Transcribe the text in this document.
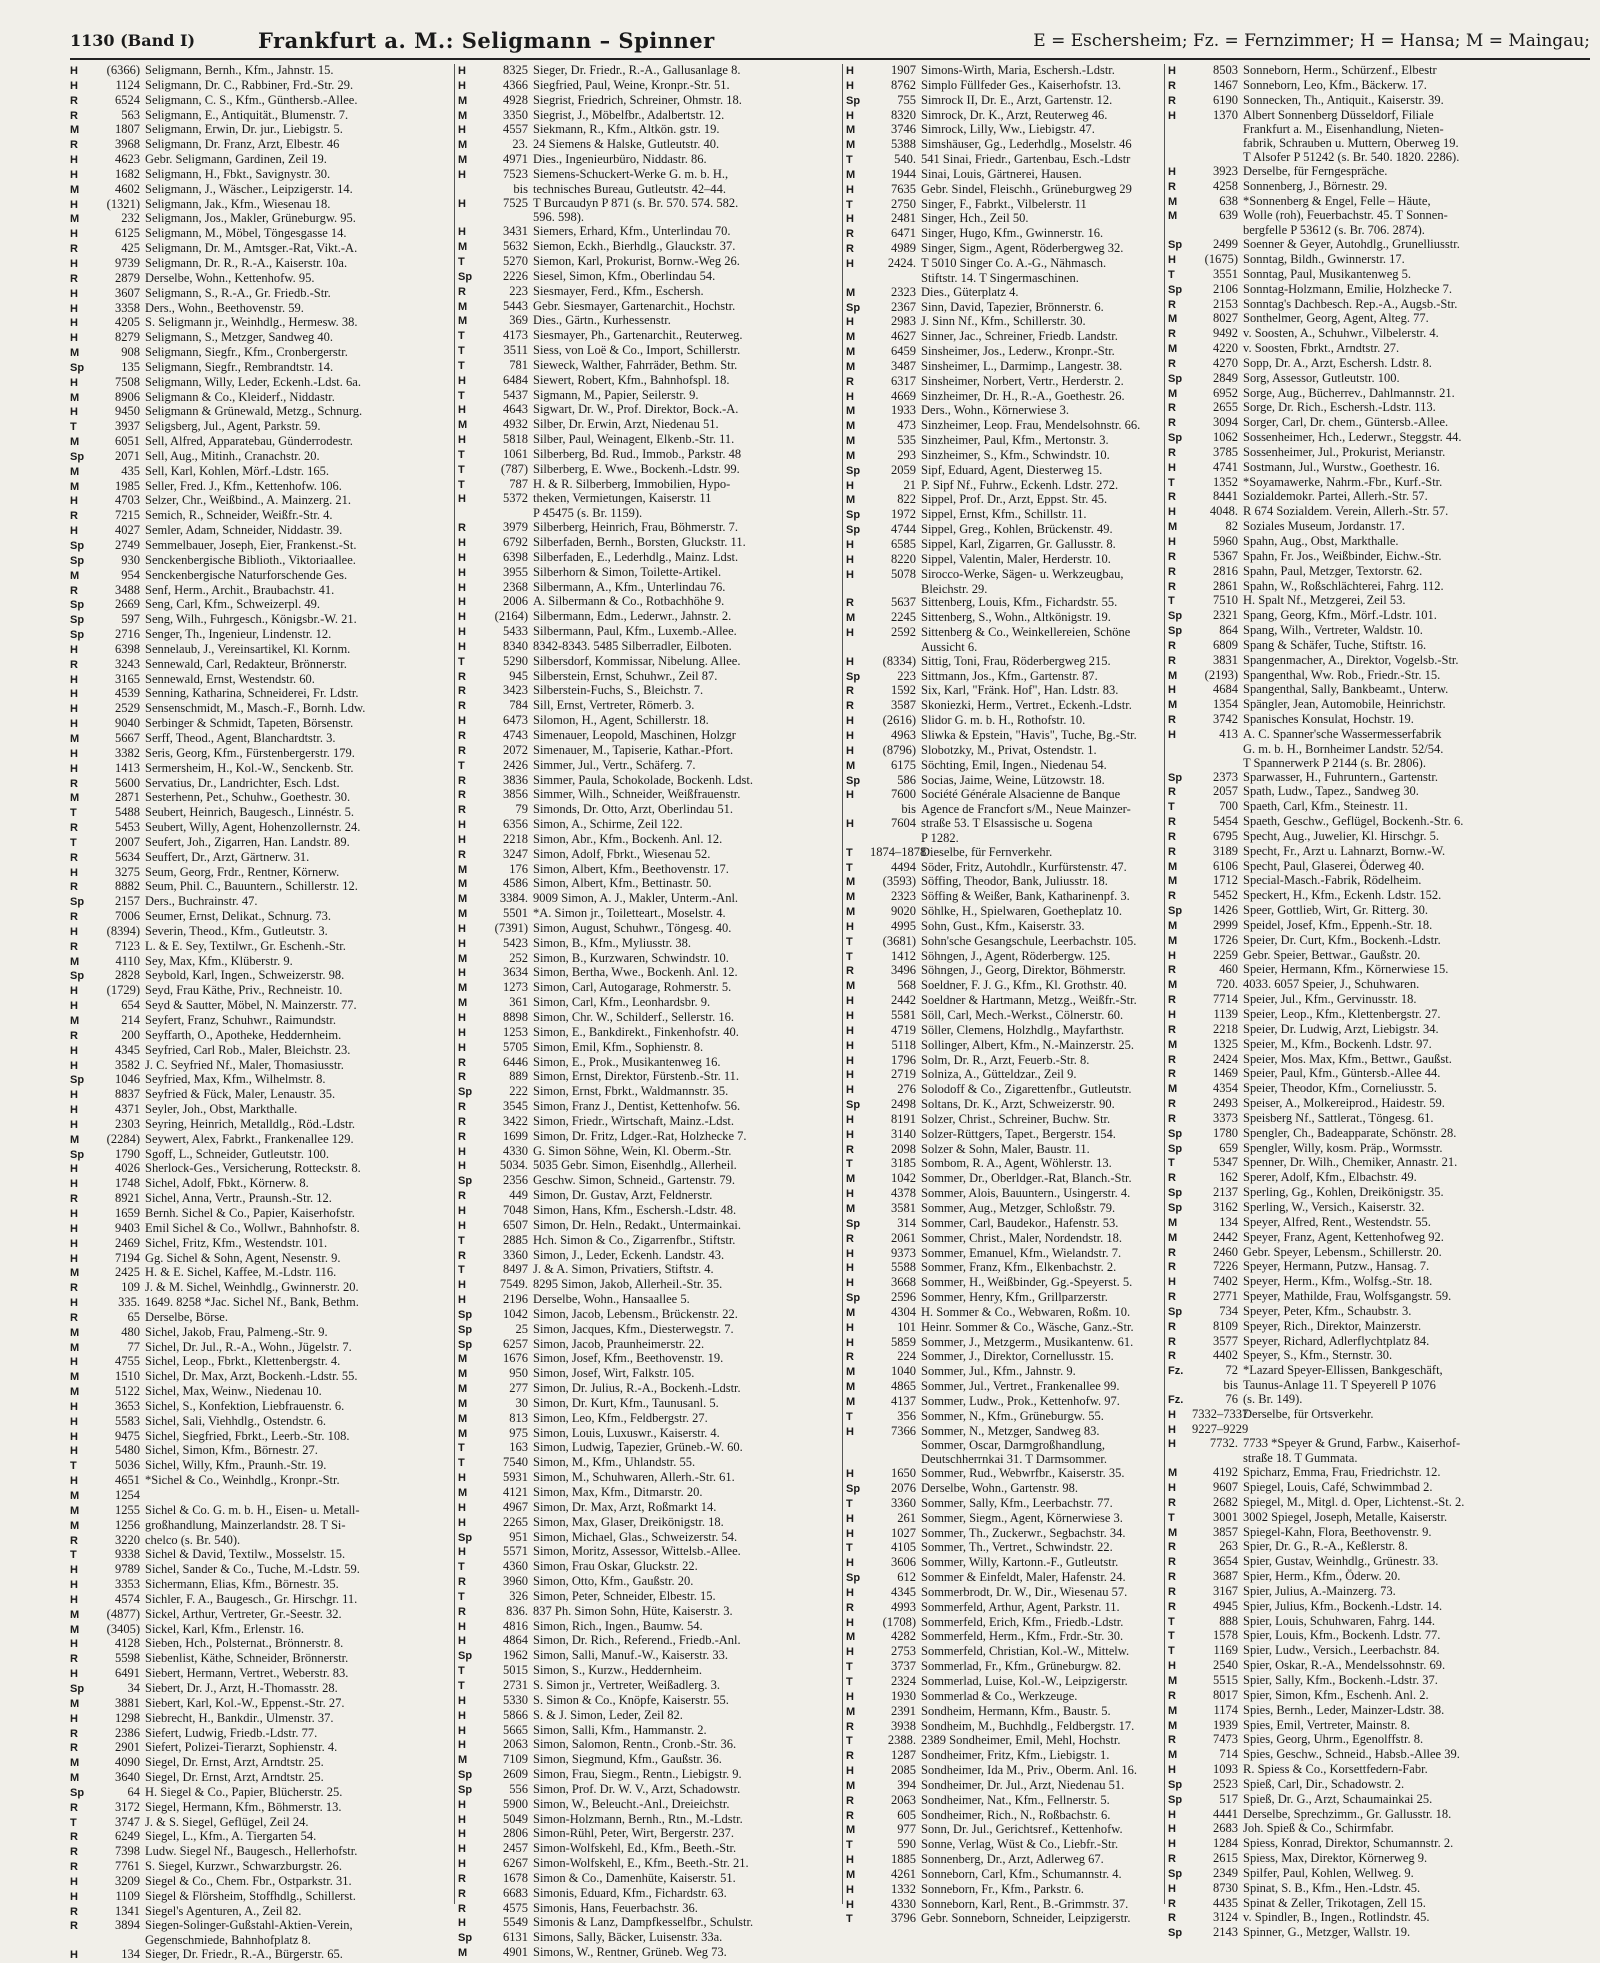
1130 (Band I)	Frankfurt a. M.: Seligmann – Spinner	E = Eschersheim; Fz. = Fernzimmer; H = Hansa; M = Maingau;
H (6366) Seligmann, Bernh., Kfm., Jahnstr. 15.
H	1124 Seligmann, Dr. C., Rabbiner, Frd.-Str. 29.
R	6524 Seligmann, C. S., Kfm., Günthersb.-Allee.
R	563 Seligmann, E., Antiquität., Blumenstr. 7.
M	1807 Seligmann, Erwin, Dr. jur., Liebigstr. 5.
R	3968 Seligmann, Dr. Franz, Arzt, Elbestr. 46
H	4623 Gebr. Seligmann, Gardinen, Zeil 19.
H	1682 Seligmann, H., Fbkt., Savignystr. 30.
M	4602 Seligmann, J., Wäscher., Leipzigerstr. 14.
H (1321) Seligmann, Jak., Kfm., Wiesenau 18.
M	232 Seligmann, Jos., Makler, Grüneburgw. 95.
H	6125 Seligmann, M., Möbel, Töngesgasse 14.
R	425 Seligmann, Dr. M., Amtsger.-Rat, Vikt.-A.
H	9739 Seligmann, Dr. R., R.-A., Kaiserstr. 10a.
R	2879 Derselbe, Wohn., Kettenhofw. 95.
H	3607 Seligmann, S., R.-A., Gr. Friedb.-Str.
H	3358 Ders., Wohn., Beethovenstr. 59.
H	4205 S. Seligmann jr., Weinhdlg., Hermesw. 38.
H	8279 Seligmann, S., Metzger, Sandweg 40.
M	908 Seligmann, Siegfr., Kfm., Cronbergerstr.
Sp	135 Seligmann, Siegfr., Rembrandtstr. 14.
H	7508 Seligmann, Willy, Leder, Eckenh.-Ldst. 6a.
M	8906 Seligmann & Co., Kleiderf., Niddastr.
H	9450 Seligmann & Grünewald, Metzg., Schnurg.
T	3937 Seligsberg, Jul., Agent, Parkstr. 59.
M	6051 Sell, Alfred, Apparatebau, Günderrodestr.
Sp 2071 Sell, Aug., Mitinh., Cranachstr. 20.
M	435 Sell, Karl, Kohlen, Mörf.-Ldstr. 165.
M	1985 Seller, Fred. J., Kfm., Kettenhofw. 106.
H	4703 Selzer, Chr., Weißbind., A. Mainzerg. 21.
R	7215 Semich, R., Schneider, Weißfr.-Str. 4.
H	4027 Semler, Adam, Schneider, Niddastr. 39.
Sp 2749 Semmelbauer, Joseph, Eier, Frankenst.-St.
Sp	930 Senckenbergische Biblioth., Viktoriaallee.
M	954 Senckenbergische Naturforschende Ges.
R	3488 Senf, Herm., Archit., Braubachstr. 41.
Sp 2669 Seng, Carl, Kfm., Schweizerpl. 49.
Sp	597 Seng, Wilh., Fuhrgesch., Königsbr.-W. 21.
Sp 2716 Senger, Th., Ingenieur, Lindenstr. 12.
H	6398 Sennelaub, J., Vereinsartikel, Kl. Kornm.
R	3243 Sennewald, Carl, Redakteur, Brönnerstr.
H	3165 Sennewald, Ernst, Westendstr. 60.
H	4539 Senning, Katharina, Schneiderei, Fr. Ldstr.
H	2529 Sensenschmidt, M., Masch.-F., Bornh. Ldw.
H	9040 Serbinger & Schmidt, Tapeten, Börsenstr.
M	5667 Serff, Theod., Agent, Blanchardtstr. 3.
H	3382 Seris, Georg, Kfm., Fürstenbergerstr. 179.
H	1413 Sermersheim, H., Kol.-W., Senckenb. Str.
R	5600 Servatius, Dr., Landrichter, Esch. Ldst.
M	2871 Sesterhenn, Pet., Schuhw., Goethestr. 30.
T	5488 Seubert, Heinrich, Baugesch., Linnéstr. 5.
R	5453 Seubert, Willy, Agent, Hohenzollernstr. 24.
T	2007 Seufert, Joh., Zigarren, Han. Landstr. 89.
R	5634 Seuffert, Dr., Arzt, Gärtnerw. 31.
H	3275 Seum, Georg, Frdr., Rentner, Körnerw.
R	8882 Seum, Phil. C., Bauuntern., Schillerstr. 12.
Sp 2157 Ders., Buchrainstr. 47.
R	7006 Seumer, Ernst, Delikat., Schnurg. 73.
H (8394) Severin, Theod., Kfm., Gutleutstr. 3.
R	7123 L. & E. Sey, Textilwr., Gr. Eschenh.-Str.
M	4110 Sey, Max, Kfm., Klüberstr. 9.
Sp 2828 Seybold, Karl, Ingen., Schweizerstr. 98.
H (1729) Seyd, Frau Käthe, Priv., Rechneistr. 10.
H	654 Seyd & Sautter, Möbel, N. Mainzerstr. 77.
M	214 Seyfert, Franz, Schuhwr., Raimundstr.
R	200 Seyffarth, O., Apotheke, Heddernheim.
H	4345 Seyfried, Carl Rob., Maler, Bleichstr. 23.
H	3582 J. C. Seyfried Nf., Maler, Thomasiusstr.
Sp 1046 Seyfried, Max, Kfm., Wilhelmstr. 8.
H	8837 Seyfried & Fück, Maler, Lenaustr. 35.
H	4371 Seyler, Joh., Obst, Markthalle.
H	2303 Seyring, Heinrich, Metalldlg., Röd.-Ldstr.
M (2284) Seywert, Alex, Fabrkt., Frankenallee 129.
Sp 1790 Sgoff, L., Schneider, Gutleutstr. 100.
H	4026 Sherlock-Ges., Versicherung, Rotteckstr. 8.
H	1748 Sichel, Adolf, Fbkt., Körnerw. 8.
R	8921 Sichel, Anna, Vertr., Praunsh.-Str. 12.
H	1659 Bernh. Sichel & Co., Papier, Kaiserhofstr.
H	9403 Emil Sichel & Co., Wollwr., Bahnhofstr. 8.
H	2469 Sichel, Fritz, Kfm., Westendstr. 101.
H	7194 Gg. Sichel & Sohn, Agent, Nesenstr. 9.
M	2425 H. & E. Sichel, Kaffee, M.-Ldstr. 116.
R	109 J. & M. Sichel, Weinhdlg., Gwinnerstr. 20.
H	335. 1649. 8258 *Jac. Sichel Nf., Bank, Bethm.
R	65 Derselbe, Börse.
M	480 Sichel, Jakob, Frau, Palmeng.-Str. 9.
M	77 Sichel, Dr. Jul., R.-A., Wohn., Jügelstr. 7.
H	4755 Sichel, Leop., Fbrkt., Klettenbergstr. 4.
M	1510 Sichel, Dr. Max, Arzt, Bockenh.-Ldstr. 55.
M	5122 Sichel, Max, Weinw., Niedenau 10.
H	3653 Sichel, S., Konfektion, Liebfrauenstr. 6.
H	5583 Sichel, Sali, Viehhdlg., Ostendstr. 6.
H	9475 Sichel, Siegfried, Fbrkt., Leerb.-Str. 108.
H	5480 Sichel, Simon, Kfm., Börnestr. 27.
T	5036 Sichel, Willy, Kfm., Praunh.-Str. 19.
H	4651 *Sichel & Co., Weinhdlg., Kronpr.-Str.
M	1254
M	1255 Sichel & Co. G. m. b. H., Eisen- u. Metall-
M	1256 großhandlung, Mainzerlandstr. 28. T Si-
R	3220 chelco (s. Br. 540).
T	9338 Sichel & David, Textilw., Mosselstr. 15.
H	9789 Sichel, Sander & Co., Tuche, M.-Ldstr. 59.
H	3353 Sichermann, Elias, Kfm., Börnestr. 35.
H	4574 Sichler, F. A., Baugesch., Gr. Hirschgr. 11.
M (4877) Sickel, Arthur, Vertreter, Gr.-Seestr. 32.
M (3405) Sickel, Karl, Kfm., Erlenstr. 16.
H	4128 Sieben, Hch., Polsternat., Brönnerstr. 8.
R	5598 Siebenlist, Käthe, Schneider, Brönnerstr.
H	6491 Siebert, Hermann, Vertret., Weberstr. 83.
Sp	34 Siebert, Dr. J., Arzt, H.-Thomasstr. 28.
M	3881 Siebert, Karl, Kol.-W., Eppenst.-Str. 27.
H	1298 Siebrecht, H., Bankdir., Ulmenstr. 37.
R	2386 Siefert, Ludwig, Friedb.-Ldstr. 77.
R	2901 Siefert, Polizei-Tierarzt, Sophienstr. 4.
M	4090 Siegel, Dr. Ernst, Arzt, Arndtstr. 25.
M	3640 Siegel, Dr. Ernst, Arzt, Arndtstr. 25.
Sp	64 H. Siegel & Co., Papier, Blücherstr. 25.
R	3172 Siegel, Hermann, Kfm., Böhmerstr. 13.
T	3747 J. & S. Siegel, Geflügel, Zeil 24.
R	6249 Siegel, L., Kfm., A. Tiergarten 54.
R	7398 Ludw. Siegel Nf., Baugesch., Hellerhofstr.
R	7761 S. Siegel, Kurzwr., Schwarzburgstr. 26.
H	3209 Siegel & Co., Chem. Fbr., Ostparkstr. 31.
H	1109 Siegel & Flörsheim, Stoffhdlg., Schillerst.
R	1341 Siegel's Agenturen, A., Zeil 82.
R	3894 Siegen-Solinger-Gußstahl-Aktien-Verein,
Gegenschmiede, Bahnhofplatz 8.
H	134 Sieger, Dr. Friedr., R.-A., Bürgerstr. 65.
H	8325 Sieger, Dr. Friedr., R.-A., Gallusanlage 8.
H	4366 Siegfried, Paul, Weine, Kronpr.-Str. 51.
M	4928 Siegrist, Friedrich, Schreiner, Ohmstr. 18.
M	3350 Siegrist, J., Möbelfbr., Adalbertstr. 12.
H	4557 Siekmann, R., Kfm., Altkön. gstr. 19.
M	23. 24 Siemens & Halske, Gutleutstr. 40.
M	4971 Dies., Ingenieurbüro, Niddastr. 86.
H	7523 Siemens-Schuckert-Werke G. m. b. H.,
bis technisches Bureau, Gutleutstr. 42–44.
H	7525 T Burcaudyn P 871 (s. Br. 570. 574. 582.
596. 598).
H	3431 Siemers, Erhard, Kfm., Unterlindau 70.
M	5632 Siemon, Eckh., Bierhdlg., Glauckstr. 37.
T	5270 Siemon, Karl, Prokurist, Bornw.-Weg 26.
Sp 2226 Siesel, Simon, Kfm., Oberlindau 54.
R	223 Siesmayer, Ferd., Kfm., Eschersh.
M	5443 Gebr. Siesmayer, Gartenarchit., Hochstr.
M	369 Dies., Gärtn., Kurhessenstr.
T	4173 Siesmayer, Ph., Gartenarchit., Reuterweg.
T	3511 Siess, von Loë & Co., Import, Schillerstr.
T	781 Sieweck, Walther, Fahrräder, Bethm. Str.
H	6484 Siewert, Robert, Kfm., Bahnhofspl. 18.
T	5437 Sigmann, M., Papier, Seilerstr. 9.
H	4643 Sigwart, Dr. W., Prof. Direktor, Bock.-A.
M	4932 Silber, Dr. Erwin, Arzt, Niedenau 51.
H	5818 Silber, Paul, Weinagent, Elkenb.-Str. 11.
T	1061 Silberberg, Bd. Rud., Immob., Parkstr. 48
T	(787) Silberberg, E. Wwe., Bockenh.-Ldstr. 99.
T	787 H. & R. Silberberg, Immobilien, Hypo-
H	5372 theken, Vermietungen, Kaiserstr. 11
P 45475 (s. Br. 1159).
R	3979 Silberberg, Heinrich, Frau, Böhmerstr. 7.
H	6792 Silberfaden, Bernh., Borsten, Gluckstr. 11.
H	6398 Silberfaden, E., Lederhdlg., Mainz. Ldst.
H	3955 Silberhorn & Simon, Toilette-Artikel.
H	2368 Silbermann, A., Kfm., Unterlindau 76.
H	2006 A. Silbermann & Co., Rotbachhöhe 9.
H (2164) Silbermann, Edm., Lederwr., Jahnstr. 2.
H	5433 Silbermann, Paul, Kfm., Luxemb.-Allee.
H	8340 8342-8343. 5485 Silberradler, Eilboten.
T	5290 Silbersdorf, Kommissar, Nibelung. Allee.
R	945 Silberstein, Ernst, Schuhwr., Zeil 87.
R	3423 Silberstein-Fuchs, S., Bleichstr. 7.
R	784 Sill, Ernst, Vertreter, Römerb. 3.
H	6473 Silomon, H., Agent, Schillerstr. 18.
R	4743 Simenauer, Leopold, Maschinen, Holzgr
R	2072 Simenauer, M., Tapiserie, Kathar.-Pfort.
T	2426 Simmer, Jul., Vertr., Schäferg. 7.
R	3836 Simmer, Paula, Schokolade, Bockenh. Ldst.
R	3856 Simmer, Wilh., Schneider, Weißfrauenstr.
R	79 Simonds, Dr. Otto, Arzt, Oberlindau 51.
H	6356 Simon, A., Schirme, Zeil 122.
H	2218 Simon, Abr., Kfm., Bockenh. Anl. 12.
R	3247 Simon, Adolf, Fbrkt., Wiesenau 52.
M	176 Simon, Albert, Kfm., Beethovenstr. 17.
M	4586 Simon, Albert, Kfm., Bettinastr. 50.
M	3384. 9009 Simon, A. J., Makler, Unterm.-Anl.
M	5501 *A. Simon jr., Toiletteart., Moselstr. 4.
H (7391) Simon, August, Schuhwr., Töngesg. 40.
H	5423 Simon, B., Kfm., Myliusstr. 38.
M	252 Simon, B., Kurzwaren, Schwindstr. 10.
H	3634 Simon, Bertha, Wwe., Bockenh. Anl. 12.
M	1273 Simon, Carl, Autogarage, Rohmerstr. 5.
M	361 Simon, Carl, Kfm., Leonhardsbr. 9.
H	8898 Simon, Chr. W., Schilderf., Sellerstr. 16.
H	1253 Simon, E., Bankdirekt., Finkenhofstr. 40.
H	5705 Simon, Emil, Kfm., Sophienstr. 8.
R	6446 Simon, E., Prok., Musikantenweg 16.
R	889 Simon, Ernst, Direktor, Fürstenb.-Str. 11.
Sp	222 Simon, Ernst, Fbrkt., Waldmannstr. 35.
R	3545 Simon, Franz J., Dentist, Kettenhofw. 56.
R	3422 Simon, Friedr., Wirtschaft, Mainz.-Ldst.
R	1699 Simon, Dr. Fritz, Ldger.-Rat, Holzhecke 7.
H	4330 G. Simon Söhne, Wein, Kl. Oberm.-Str.
H	5034. 5035 Gebr. Simon, Eisenhdlg., Allerheil.
Sp 2356 Geschw. Simon, Schneid., Gartenstr. 79.
R	449 Simon, Dr. Gustav, Arzt, Feldnerstr.
H	7048 Simon, Hans, Kfm., Eschersh.-Ldstr. 48.
H	6507 Simon, Dr. Heln., Redakt., Untermainkai.
T	2885 Hch. Simon & Co., Zigarrenfbr., Stiftstr.
R	3360 Simon, J., Leder, Eckenh. Landstr. 43.
T	8497 J. & A. Simon, Privatiers, Stiftstr. 4.
H	7549. 8295 Simon, Jakob, Allerheil.-Str. 35.
H	2196 Derselbe, Wohn., Hansaallee 5.
Sp 1042 Simon, Jacob, Lebensm., Brückenstr. 22.
Sp	25 Simon, Jacques, Kfm., Diesterwegstr. 7.
Sp 6257 Simon, Jacob, Praunheimerstr. 22.
M	1676 Simon, Josef, Kfm., Beethovenstr. 19.
M	950 Simon, Josef, Wirt, Falkstr. 105.
M	277 Simon, Dr. Julius, R.-A., Bockenh.-Ldstr.
M	30 Simon, Dr. Kurt, Kfm., Taunusanl. 5.
M	813 Simon, Leo, Kfm., Feldbergstr. 27.
M	975 Simon, Louis, Luxuswr., Kaiserstr. 4.
T	163 Simon, Ludwig, Tapezier, Grüneb.-W. 60.
T	7540 Simon, M., Kfm., Uhlandstr. 55.
H	5931 Simon, M., Schuhwaren, Allerh.-Str. 61.
M	4121 Simon, Max, Kfm., Ditmarstr. 20.
H	4967 Simon, Dr. Max, Arzt, Roßmarkt 14.
H	2265 Simon, Max, Glaser, Dreikönigstr. 18.
Sp	951 Simon, Michael, Glas., Schweizerstr. 54.
H	5571 Simon, Moritz, Assessor, Wittelsb.-Allee.
T	4360 Simon, Frau Oskar, Gluckstr. 22.
R	3960 Simon, Otto, Kfm., Gaußstr. 20.
T	326 Simon, Peter, Schneider, Elbestr. 15.
R	836. 837 Ph. Simon Sohn, Hüte, Kaiserstr. 3.
H	4816 Simon, Rich., Ingen., Baumw. 54.
H	4864 Simon, Dr. Rich., Referend., Friedb.-Anl.
Sp 1962 Simon, Salli, Manuf.-W., Kaiserstr. 33.
T	5015 Simon, S., Kurzw., Heddernheim.
T	2731 S. Simon jr., Vertreter, Weißadlerg. 3.
H	5330 S. Simon & Co., Knöpfe, Kaiserstr. 55.
H	5866 S. & J. Simon, Leder, Zeil 82.
H	5665 Simon, Salli, Kfm., Hammanstr. 2.
H	2063 Simon, Salomon, Rentn., Cronb.-Str. 36.
M	7109 Simon, Siegmund, Kfm., Gaußstr. 36.
Sp 2609 Simon, Frau, Siegm., Rentn., Liebigstr. 9.
Sp	556 Simon, Prof. Dr. W. V., Arzt, Schadowstr.
H	5900 Simon, W., Beleucht.-Anl., Dreieichstr.
H	5049 Simon-Holzmann, Bernh., Rtn., M.-Ldstr.
H	2806 Simon-Rühl, Peter, Wirt, Bergerstr. 237.
H	2457 Simon-Wolfskehl, Ed., Kfm., Beeth.-Str.
H	6267 Simon-Wolfskehl, E., Kfm., Beeth.-Str. 21.
R	1678 Simon & Co., Damenhüte, Kaiserstr. 51.
R	6683 Simonis, Eduard, Kfm., Fichardstr. 63.
R	4575 Simonis, Hans, Feuerbachstr. 36.
H	5549 Simonis & Lanz, Dampfkesselfbr., Schulstr.
Sp 6131 Simons, Sally, Bäcker, Luisenstr. 33a.
M	4901 Simons, W., Rentner, Grüneb. Weg 73.
H	1907 Simons-Wirth, Maria, Eschersh.-Ldstr.
H	8762 Simplo Füllfeder Ges., Kaiserhofstr. 13.
Sp	755 Simrock II, Dr. E., Arzt, Gartenstr. 12.
H	8320 Simrock, Dr. K., Arzt, Reuterweg 46.
M	3746 Simrock, Lilly, Ww., Liebigstr. 47.
M	5388 Simshäuser, Gg., Lederhdlg., Moselstr. 46
T	540. 541 Sinai, Friedr., Gartenbau, Esch.-Ldstr
M	1944 Sinai, Louis, Gärtnerei, Hausen.
H	7635 Gebr. Sindel, Fleischh., Grüneburgweg 29
T	2750 Singer, F., Fabrkt., Vilbelerstr. 11
H	2481 Singer, Hch., Zeil 50.
R	6471 Singer, Hugo, Kfm., Gwinnerstr. 16.
R	4989 Singer, Sigm., Agent, Röderbergweg 32.
H	2424. T 5010 Singer Co. A.-G., Nähmasch.
Stiftstr. 14. T Singermaschinen.
M	2323 Dies., Güterplatz 4.
Sp 2367 Sinn, David, Tapezier, Brönnerstr. 6.
H	2983 J. Sinn Nf., Kfm., Schillerstr. 30.
M	4627 Sinner, Jac., Schreiner, Friedb. Landstr.
M	6459 Sinsheimer, Jos., Lederw., Kronpr.-Str.
M	3487 Sinsheimer, L., Darmimp., Langestr. 38.
R	6317 Sinsheimer, Norbert, Vertr., Herderstr. 2.
H	4669 Sinzheimer, Dr. H., R.-A., Goethestr. 26.
M	1933 Ders., Wohn., Körnerwiese 3.
M	473 Sinzheimer, Leop. Frau, Mendelsohnstr. 66.
M	535 Sinzheimer, Paul, Kfm., Mertonstr. 3.
M	293 Sinzheimer, S., Kfm., Schwindstr. 10.
Sp 2059 Sipf, Eduard, Agent, Diesterweg 15.
H	21 P. Sipf Nf., Fuhrw., Eckenh. Ldstr. 272.
M	822 Sippel, Prof. Dr., Arzt, Eppst. Str. 45.
Sp 1972 Sippel, Ernst, Kfm., Schillstr. 11.
Sp 4744 Sippel, Greg., Kohlen, Brückenstr. 49.
H	6585 Sippel, Karl, Zigarren, Gr. Gallusstr. 8.
H	8220 Sippel, Valentin, Maler, Herderstr. 10.
H	5078 Sirocco-Werke, Sägen- u. Werkzeugbau,
Bleichstr. 29.
R	5637 Sittenberg, Louis, Kfm., Fichardstr. 55.
M	2245 Sittenberg, S., Wohn., Altkönigstr. 19.
H	2592 Sittenberg & Co., Weinkellereien, Schöne
Aussicht 6.
H (8334) Sittig, Toni, Frau, Röderbergweg 215.
Sp	223 Sittmann, Jos., Kfm., Gartenstr. 87.
R	1592 Six, Karl, "Fränk. Hof", Han. Ldstr. 83.
R	3587 Skoniezki, Herm., Vertret., Eckenh.-Ldstr.
H (2616) Slidor G. m. b. H., Rothofstr. 10.
H	4963 Sliwka & Epstein, "Havis", Tuche, Bg.-Str.
H (8796) Slobotzky, M., Privat, Ostendstr. 1.
M	6175 Söchting, Emil, Ingen., Niedenau 54.
Sp	586 Socias, Jaime, Weine, Lützowstr. 18.
H	7600 Société Générale Alsacienne de Banque
bis Agence de Francfort s/M., Neue Mainzer-
H	7604 straße 53. T Elsassische u. Sogena
P 1282.
T 1874–1878Dieselbe, für Fernverkehr.
T	4494 Söder, Fritz, Autohdlr., Kurfürstenstr. 47.
M (3593) Söffing, Theodor, Bank, Juliusstr. 18.
M	2323 Söffing & Weißer, Bank, Katharinenpf. 3.
M	9020 Söhlke, H., Spielwaren, Goetheplatz 10.
H	4995 Sohn, Gust., Kfm., Kaiserstr. 33.
T (3681) Sohn'sche Gesangschule, Leerbachstr. 105.
T	1412 Söhngen, J., Agent, Röderbergw. 125.
R	3496 Söhngen, J., Georg, Direktor, Böhmerstr.
M	568 Soeldner, F. J. G., Kfm., Kl. Grothstr. 40.
H	2442 Soeldner & Hartmann, Metzg., Weißfr.-Str.
H	5581 Söll, Carl, Mech.-Werkst., Cölnerstr. 60.
H	4719 Söller, Clemens, Holzhdlg., Mayfarthstr.
H	5118 Sollinger, Albert, Kfm., N.-Mainzerstr. 25.
H	1796 Solm, Dr. R., Arzt, Feuerb.-Str. 8.
H	2719 Solniza, A., Gütteldzar., Zeil 9.
H	276 Solodoff & Co., Zigarettenfbr., Gutleutstr.
Sp 2498 Soltans, Dr. K., Arzt, Schweizerstr. 90.
H	8191 Solzer, Christ., Schreiner, Buchw. Str.
H	3140 Solzer-Rüttgers, Tapet., Bergerstr. 154.
R	2098 Solzer & Sohn, Maler, Baustr. 11.
T	3185 Sombom, R. A., Agent, Wöhlerstr. 13.
M	1042 Sommer, Dr., Oberldger.-Rat, Blanch.-Str.
H	4378 Sommer, Alois, Bauuntern., Usingerstr. 4.
M	3581 Sommer, Aug., Metzger, Schloßstr. 79.
Sp	314 Sommer, Carl, Baudekor., Hafenstr. 53.
R	2061 Sommer, Christ., Maler, Nordendstr. 18.
H	9373 Sommer, Emanuel, Kfm., Wielandstr. 7.
H	5588 Sommer, Franz, Kfm., Elkenbachstr. 2.
H	3668 Sommer, H., Weißbinder, Gg.-Speyerst. 5.
Sp 2596 Sommer, Henry, Kfm., Grillparzerstr.
M	4304 H. Sommer & Co., Webwaren, Roßm. 10.
H	101 Heinr. Sommer & Co., Wäsche, Ganz.-Str.
H	5859 Sommer, J., Metzgerm., Musikantenw. 61.
R	224 Sommer, J., Direktor, Cornellusstr. 15.
M	1040 Sommer, Jul., Kfm., Jahnstr. 9.
M	4865 Sommer, Jul., Vertret., Frankenallee 99.
M	4137 Sommer, Ludw., Prok., Kettenhofw. 97.
T	356 Sommer, N., Kfm., Grüneburgw. 55.
H	7366 Sommer, N., Metzger, Sandweg 83.
Sommer, Oscar, Darmgroßhandlung,
Deutschherrnkai 31. T Darmsommer.
H	1650 Sommer, Rud., Webwrfbr., Kaiserstr. 35.
Sp 2076 Derselbe, Wohn., Gartenstr. 98.
T	3360 Sommer, Sally, Kfm., Leerbachstr. 77.
H	261 Sommer, Siegm., Agent, Körnerwiese 3.
H	1027 Sommer, Th., Zuckerwr., Segbachstr. 34.
T	4105 Sommer, Th., Vertret., Schwindstr. 22.
H	3606 Sommer, Willy, Kartonn.-F., Gutleutstr.
Sp	612 Sommer & Einfeldt, Maler, Hafenstr. 24.
H	4345 Sommerbrodt, Dr. W., Dir., Wiesenau 57.
R	4993 Sommerfeld, Arthur, Agent, Parkstr. 11.
H (1708) Sommerfeld, Erich, Kfm., Friedb.-Ldstr.
M	4282 Sommerfeld, Herm., Kfm., Frdr.-Str. 30.
H	2753 Sommerfeld, Christian, Kol.-W., Mittelw.
T	3737 Sommerlad, Fr., Kfm., Grüneburgw. 82.
T	2324 Sommerlad, Luise, Kol.-W., Leipzigerstr.
H	1930 Sommerlad & Co., Werkzeuge.
M	2391 Sondheim, Hermann, Kfm., Baustr. 5.
R	3938 Sondheim, M., Buchhdlg., Feldbergstr. 17.
T	2388. 2389 Sondheimer, Emil, Mehl, Hochstr.
R	1287 Sondheimer, Fritz, Kfm., Liebigstr. 1.
H	2085 Sondheimer, Ida M., Priv., Oberm. Anl. 16.
M	394 Sondheimer, Dr. Jul., Arzt, Niedenau 51.
R	2063 Sondheimer, Nat., Kfm., Fellnerstr. 5.
R	605 Sondheimer, Rich., N., Roßbachstr. 6.
M	977 Sonn, Dr. Jul., Gerichtsref., Kettenhofw.
T	590 Sonne, Verlag, Wüst & Co., Liebfr.-Str.
H	1885 Sonnenberg, Dr., Arzt, Adlerweg 67.
M	4261 Sonneborn, Carl, Kfm., Schumannstr. 4.
H	1332 Sonneborn, Fr., Kfm., Parkstr. 6.
H	4330 Sonneborn, Karl, Rent., B.-Grimmstr. 37.
T	3796 Gebr. Sonneborn, Schneider, Leipzigerstr.
H	8503 Sonneborn, Herm., Schürzenf., Elbestr
R	1467 Sonneborn, Leo, Kfm., Bäckerw. 17.
R	6190 Sonnecken, Th., Antiquit., Kaiserstr. 39.
H	1370 Albert Sonnenberg Düsseldorf, Filiale
Frankfurt a. M., Eisenhandlung, Nieten-
fabrik, Schrauben u. Muttern, Oberweg 19.
T Alsofer P 51242 (s. Br. 540. 1820. 2286).
H	3923 Derselbe, für Ferngespräche.
R	4258 Sonnenberg, J., Börnestr. 29.
M	638 *Sonnenberg & Engel, Felle – Häute,
M	639 Wolle (roh), Feuerbachstr. 45. T Sonnen-
bergfelle P 53612 (s. Br. 706. 2874).
Sp 2499 Soenner & Geyer, Autohdlg., Grunelliusstr.
H (1675) Sonntag, Bildh., Gwinnerstr. 17.
T	3551 Sonntag, Paul, Musikantenweg 5.
Sp 2106 Sonntag-Holzmann, Emilie, Holzhecke 7.
R	2153 Sonntag's Dachbesch. Rep.-A., Augsb.-Str.
M	8027 Sonthelmer, Georg, Agent, Alteg. 77.
R	9492 v. Soosten, A., Schuhwr., Vilbelerstr. 4.
M	4220 v. Soosten, Fbrkt., Arndtstr. 27.
R	4270 Sopp, Dr. A., Arzt, Eschersh. Ldstr. 8.
Sp 2849 Sorg, Assessor, Gutleutstr. 100.
M	6952 Sorge, Aug., Bücherrev., Dahlmannstr. 21.
R	2655 Sorge, Dr. Rich., Eschersh.-Ldstr. 113.
R	3094 Sorger, Carl, Dr. chem., Güntersb.-Allee.
Sp 1062 Sossenheimer, Hch., Lederwr., Steggstr. 44.
R	3785 Sossenheimer, Jul., Prokurist, Merianstr.
H	4741 Sostmann, Jul., Wurstw., Goethestr. 16.
T	1352 *Soyamawerke, Nahrm.-Fbr., Kurf.-Str.
R	8441 Sozialdemokr. Partei, Allerh.-Str. 57.
H	4048. R 674 Sozialdem. Verein, Allerh.-Str. 57.
M	82 Soziales Museum, Jordanstr. 17.
H	5960 Spahn, Aug., Obst, Markthalle.
R	5367 Spahn, Fr. Jos., Weißbinder, Eichw.-Str.
R	2816 Spahn, Paul, Metzger, Textorstr. 62.
R	2861 Spahn, W., Roßschlächterei, Fahrg. 112.
T	7510 H. Spalt Nf., Metzgerei, Zeil 53.
Sp 2321 Spang, Georg, Kfm., Mörf.-Ldstr. 101.
Sp	864 Spang, Wilh., Vertreter, Waldstr. 10.
R	6809 Spang & Schäfer, Tuche, Stiftstr. 16.
R	3831 Spangenmacher, A., Direktor, Vogelsb.-Str.
M (2193) Spangenthal, Ww. Rob., Friedr.-Str. 15.
H	4684 Spangenthal, Sally, Bankbeamt., Unterw.
M	1354 Spängler, Jean, Automobile, Heinrichstr.
R	3742 Spanisches Konsulat, Hochstr. 19.
H	413 A. C. Spanner'sche Wassermesserfabrik
G. m. b. H., Bornheimer Landstr. 52/54.
T Spannerwerk P 2144 (s. Br. 2806).
Sp 2373 Sparwasser, H., Fuhruntern., Gartenstr.
R	2057 Spath, Ludw., Tapez., Sandweg 30.
T	700 Spaeth, Carl, Kfm., Steinestr. 11.
R	5454 Spaeth, Geschw., Geflügel, Bockenh.-Str. 6.
R	6795 Specht, Aug., Juwelier, Kl. Hirschgr. 5.
R	3189 Specht, Fr., Arzt u. Lahnarzt, Bornw.-W.
M	6106 Specht, Paul, Glaserei, Öderweg 40.
M	1712 Special-Masch.-Fabrik, Rödelheim.
R	5452 Speckert, H., Kfm., Eckenh. Ldstr. 152.
Sp 1426 Speer, Gottlieb, Wirt, Gr. Ritterg. 30.
M	2999 Speidel, Josef, Kfm., Eppenh.-Str. 18.
M	1726 Speier, Dr. Curt, Kfm., Bockenh.-Ldstr.
H	2259 Gebr. Speier, Bettwar., Gaußstr. 20.
R	460 Speier, Hermann, Kfm., Körnerwiese 15.
M	720. 4033. 6057 Speier, J., Schuhwaren.
R	7714 Speier, Jul., Kfm., Gervinusstr. 18.
H	1139 Speier, Leop., Kfm., Klettenbergstr. 27.
R	2218 Speier, Dr. Ludwig, Arzt, Liebigstr. 34.
M	1325 Speier, M., Kfm., Bockenh. Ldstr. 97.
R	2424 Speier, Mos. Max, Kfm., Bettwr., Gaußst.
R	1469 Speier, Paul, Kfm., Güntersb.-Allee 44.
M	4354 Speier, Theodor, Kfm., Corneliusstr. 5.
R	2493 Speiser, A., Molkereiprod., Haidestr. 59.
R	3373 Speisberg Nf., Sattlerat., Töngesg. 61.
Sp 1780 Spengler, Ch., Badeapparate, Schönstr. 28.
Sp	659 Spengler, Willy, kosm. Präp., Wormsstr.
T	5347 Spenner, Dr. Wilh., Chemiker, Annastr. 21.
R	162 Sperer, Adolf, Kfm., Elbachstr. 49.
Sp 2137 Sperling, Gg., Kohlen, Dreikönigstr. 35.
Sp 3162 Sperling, W., Versich., Kaiserstr. 32.
M	134 Speyer, Alfred, Rent., Westendstr. 55.
M	2442 Speyer, Franz, Agent, Kettenhofweg 92.
R	2460 Gebr. Speyer, Lebensm., Schillerstr. 20.
R	7226 Speyer, Hermann, Putzw., Hansag. 7.
H	7402 Speyer, Herm., Kfm., Wolfsg.-Str. 18.
R	2771 Speyer, Mathilde, Frau, Wolfsgangstr. 59.
Sp	734 Speyer, Peter, Kfm., Schaubstr. 3.
R	8109 Speyer, Rich., Direktor, Mainzerstr.
R	3577 Speyer, Richard, Adlerflychtplatz 84.
R	4402 Speyer, S., Kfm., Sternstr. 30.
Fz.	72 *Lazard Speyer-Ellissen, Bankgeschäft,
bis Taunus-Anlage 11. T Speyerell P 1076
Fz.	76 (s. Br. 149).
H 7332–7337Derselbe, für Ortsverkehr.
H 9227–9229
H	7732. 7733 *Speyer & Grund, Farbw., Kaiserhof-
straße 18. T Gummata.
M	4192 Spicharz, Emma, Frau, Friedrichstr. 12.
H	9607 Spiegel, Louis, Café, Schwimmbad 2.
R	2682 Spiegel, M., Mitgl. d. Oper, Lichtenst.-St. 2.
T	3001 3002 Spiegel, Joseph, Metalle, Kaiserstr.
M	3857 Spiegel-Kahn, Flora, Beethovenstr. 9.
R	263 Spier, Dr. G., R.-A., Keßlerstr. 8.
R	3654 Spier, Gustav, Weinhdlg., Grünestr. 33.
R	3687 Spier, Herm., Kfm., Öderw. 20.
R	3167 Spier, Julius, A.-Mainzerg. 73.
R	4945 Spier, Julius, Kfm., Bockenh.-Ldstr. 14.
T	888 Spier, Louis, Schuhwaren, Fahrg. 144.
T	1578 Spier, Louis, Kfm., Bockenh. Ldstr. 77.
T	1169 Spier, Ludw., Versich., Leerbachstr. 84.
H	2540 Spier, Oskar, R.-A., Mendelssohnstr. 69.
M	5515 Spier, Sally, Kfm., Bockenh.-Ldstr. 37.
R	8017 Spier, Simon, Kfm., Eschenh. Anl. 2.
M	1174 Spies, Bernh., Leder, Mainzer-Ldstr. 38.
M	1939 Spies, Emil, Vertreter, Mainstr. 8.
R	7473 Spies, Georg, Uhrm., Egenolffstr. 8.
M	714 Spies, Geschw., Schneid., Habsb.-Allee 39.
H	1093 R. Spiess & Co., Korsettfedern-Fabr.
Sp 2523 Spieß, Carl, Dir., Schadowstr. 2.
Sp	517 Spieß, Dr. G., Arzt, Schaumainkai 25.
H	4441 Derselbe, Sprechzimm., Gr. Gallusstr. 18.
H	2683 Joh. Spieß & Co., Schirmfabr.
H	1284 Spiess, Konrad, Direktor, Schumannstr. 2.
R	2615 Spiess, Max, Direktor, Körnerweg 9.
Sp 2349 Spilfer, Paul, Kohlen, Wellweg. 9.
H	8730 Spinat, S. B., Kfm., Hen.-Ldstr. 45.
R	4435 Spinat & Zeller, Trikotagen, Zell 15.
R	3124 v. Spindler, B., Ingen., Rotlindstr. 45.
Sp 2143 Spinner, G., Metzger, Wallstr. 19.
